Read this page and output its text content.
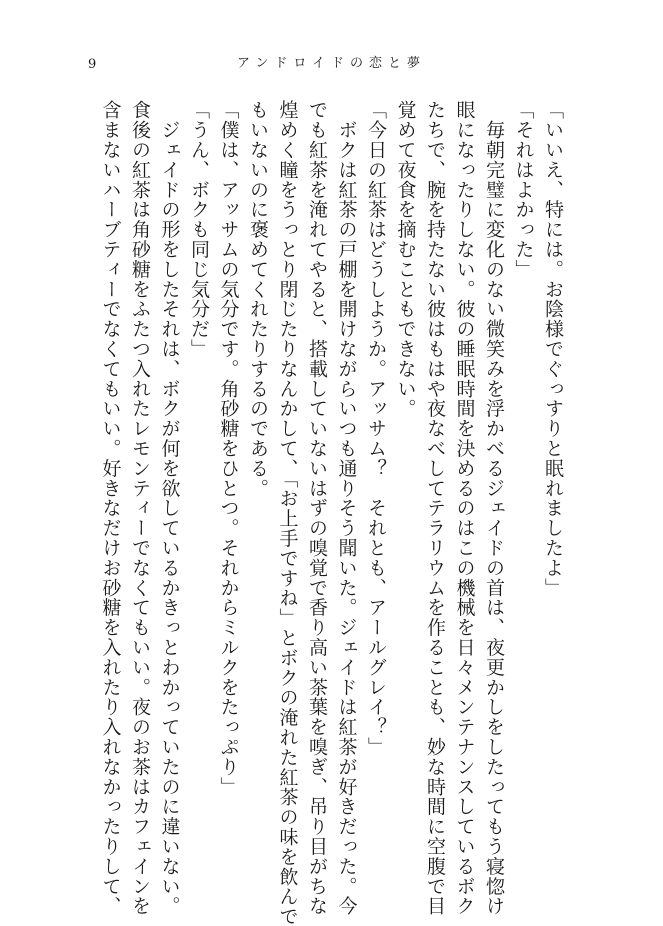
9	アンドロイドの恋と夢
「いいえ、特には。お陰様でぐっすりと眠れましたよ」
「それはよかった」
　毎朝完璧に変化のない微笑みを浮かべるジェイドの首は、夜更かしをしたってもう寝惚け
眼になったりしない。彼の睡眠時間を決めるのはこの機械を日々メンテナンスしているボク
たちで、腕を持たない彼はもはや夜なべしてテラリウムを作ることも、妙な時間に空腹で目
覚めて夜食を摘むこともできない。
「今日の紅茶はどうしようか。アッサム？　それとも、アールグレイ？」
　ボクは紅茶の戸棚を開けながらいつも通りそう聞いた。ジェイドは紅茶が好きだった。今
でも紅茶を淹れてやると、搭載していないはずの嗅覚で香り高い茶葉を嗅ぎ、吊り目がちな
煌めく瞳をうっとり閉じたりなんかして、「お上手ですね」とボクの淹れた紅茶の味を飲んで
もいないのに褒めてくれたりするのである。
「僕は、アッサムの気分です。角砂糖をひとつ。それからミルクをたっぷり」
「うん、ボクも同じ気分だ」
　ジェイドの形をしたそれは、ボクが何を欲しているかきっとわかっていたのに違いない。
食後の紅茶は角砂糖をふたつ入れたレモンティーでなくてもいい。夜のお茶はカフェインを
含まないハーブティーでなくてもいい。好きなだけお砂糖を入れたり入れなかったりして、
